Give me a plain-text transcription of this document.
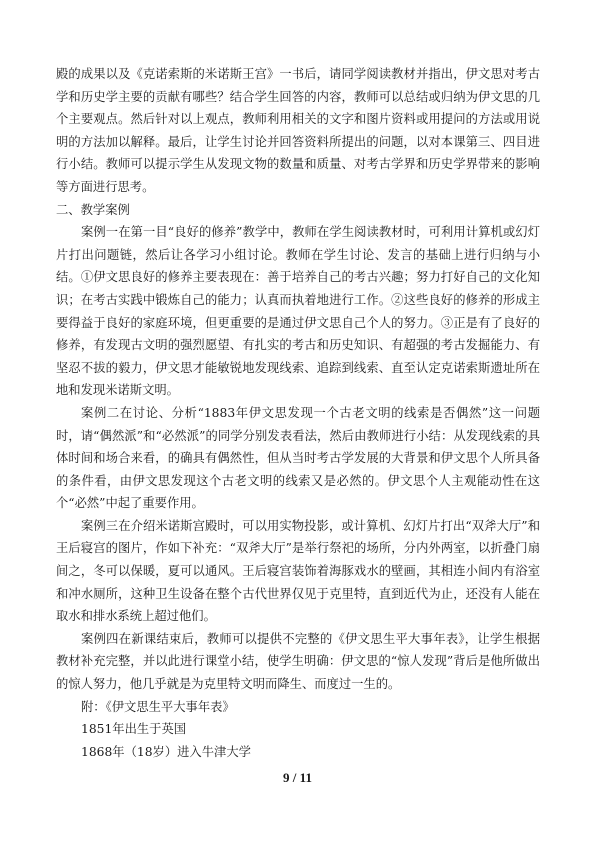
殿的成果以及《克诺索斯的米诺斯王宫》一书后，请同学阅读教材并指出，伊文思对考古学和历史学主要的贡献有哪些？结合学生回答的内容，教师可以总结或归纳为伊文思的几个主要观点。然后针对以上观点，教师利用相关的文字和图片资料或用提问的方法或用说明的方法加以解释。最后，让学生讨论并回答资料所提出的问题，以对本课第三、四目进行小结。教师可以提示学生从发现文物的数量和质量、对考古学界和历史学界带来的影响等方面进行思考。

二、教学案例

案例一在第一目“良好的修养”教学中，教师在学生阅读教材时，可利用计算机或幻灯片打出问题链，然后让各学习小组讨论。教师在学生讨论、发言的基础上进行归纳与小结。①伊文思良好的修养主要表现在：善于培养自己的考古兴趣；努力打好自己的文化知识；在考古实践中锻炼自己的能力；认真而执着地进行工作。②这些良好的修养的形成主要得益于良好的家庭环境，但更重要的是通过伊文思自己个人的努力。③正是有了良好的修养，有发现古文明的强烈愿望、有扎实的考古和历史知识、有超强的考古发掘能力、有坚忍不拔的毅力，伊文思才能敏锐地发现线索、追踪到线索、直至认定克诺索斯遗址所在地和发现米诺斯文明。

案例二在讨论、分析“1883年伊文思发现一个古老文明的线索是否偶然”这一问题时，请“偶然派”和“必然派”的同学分别发表看法，然后由教师进行小结：从发现线索的具体时间和场合来看，的确具有偶然性，但从当时考古学发展的大背景和伊文思个人所具备的条件看，由伊文思发现这个古老文明的线索又是必然的。伊文思个人主观能动性在这个“必然”中起了重要作用。

案例三在介绍米诺斯宫殿时，可以用实物投影，或计算机、幻灯片打出“双斧大厅”和王后寝宫的图片，作如下补充：“双斧大厅”是举行祭祀的场所，分内外两室，以折叠门扇间之，冬可以保暖，夏可以通风。王后寝宫装饰着海豚戏水的壁画，其相连小间内有浴室和冲水厕所，这种卫生设备在整个古代世界仅见于克里特，直到近代为止，还没有人能在取水和排水系统上超过他们。

案例四在新课结束后，教师可以提供不完整的《伊文思生平大事年表》，让学生根据教材补充完整，并以此进行课堂小结，使学生明确：伊文思的“惊人发现”背后是他所做出的惊人努力，他几乎就是为克里特文明而降生、而度过一生的。

附：《伊文思生平大事年表》
1851年出生于英国
1868年（18岁）进入牛津大学
9 / 11
